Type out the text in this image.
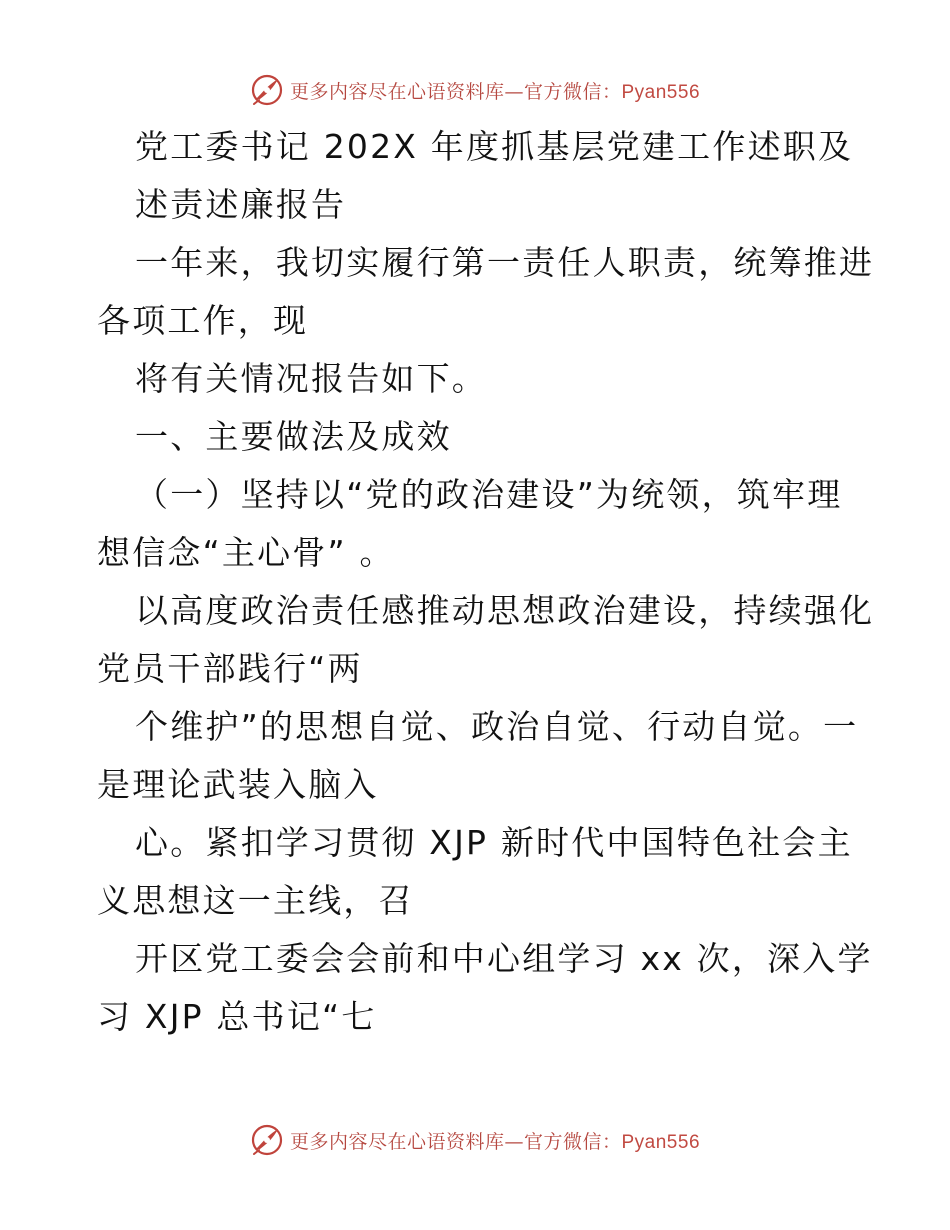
更多内容尽在心语资料库—官方微信：Pyan556
党工委书记 202X 年度抓基层党建工作述职及
述责述廉报告
一年来，我切实履行第一责任人职责，统筹推进
各项工作，现
将有关情况报告如下。
一、主要做法及成效
（一）坚持以“党的政治建设”为统领，筑牢理
想信念“主心骨” 。
以高度政治责任感推动思想政治建设，持续强化
党员干部践行“两
个维护”的思想自觉、政治自觉、行动自觉。一
是理论武装入脑入
心。紧扣学习贯彻 XJP 新时代中国特色社会主
义思想这一主线，召
开区党工委会会前和中心组学习 xx 次，深入学
习 XJP 总书记“七
更多内容尽在心语资料库—官方微信：Pyan556
